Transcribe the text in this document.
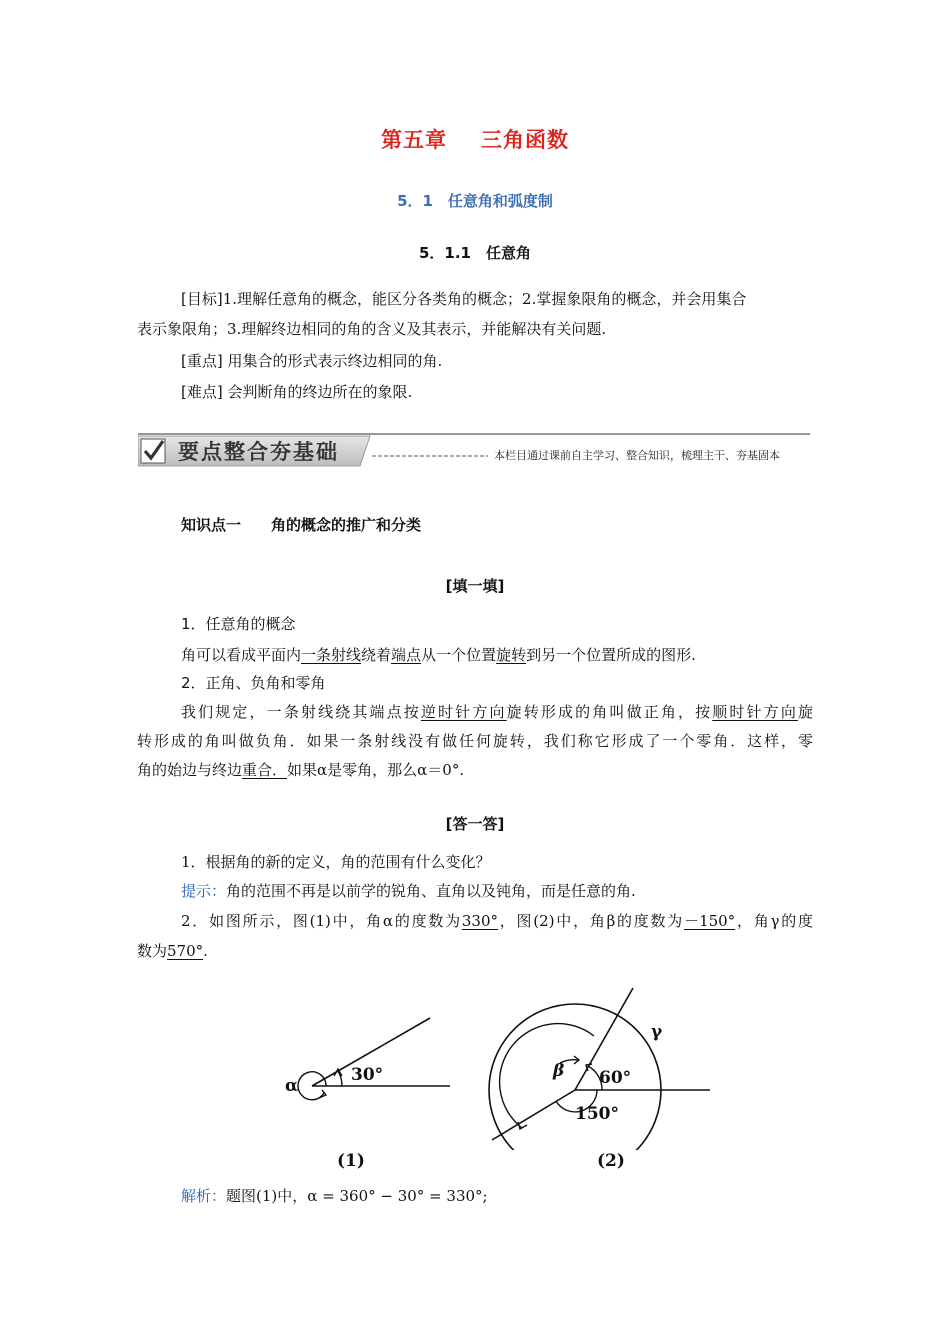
第五章 三角函数
5．1　任意角和弧度制
5．1.1　任意角
[目标]1.理解任意角的概念，能区分各类角的概念；2.掌握象限角的概念，并会用集合
表示象限角；3.理解终边相同的角的含义及其表示，并能解决有关问题.
[重点] 用集合的形式表示终边相同的角.
[难点] 会判断角的终边所在的象限.
要点整合夯基础	本栏目通过课前自主学习、整合知识，梳理主干、夯基固本
知识点一　　角的概念的推广和分类
[填一填]
1．任意角的概念
角可以看成平面内一条射线绕着端点从一个位置旋转到另一个位置所成的图形.
2．正角、负角和零角
我们规定，一条射线绕其端点按逆时针方向旋转形成的角叫做正角，按顺时针方向旋
转形成的角叫做负角．如果一条射线没有做任何旋转，我们称它形成了一个零角．这样，零
角的始边与终边重合．如果α是零角，那么α＝0°.
[答一答]
1．根据角的新的定义，角的范围有什么变化？
提示：角的范围不再是以前学的锐角、直角以及钝角，而是任意的角.
2．如图所示，图(1)中，角α的度数为330°，图(2)中，角β的度数为－150°，角γ的度
数为570°.
α
30°
(1)
γ
β 60°
150°
(2)
解析：题图(1)中，α = 360° − 30° = 330°;
